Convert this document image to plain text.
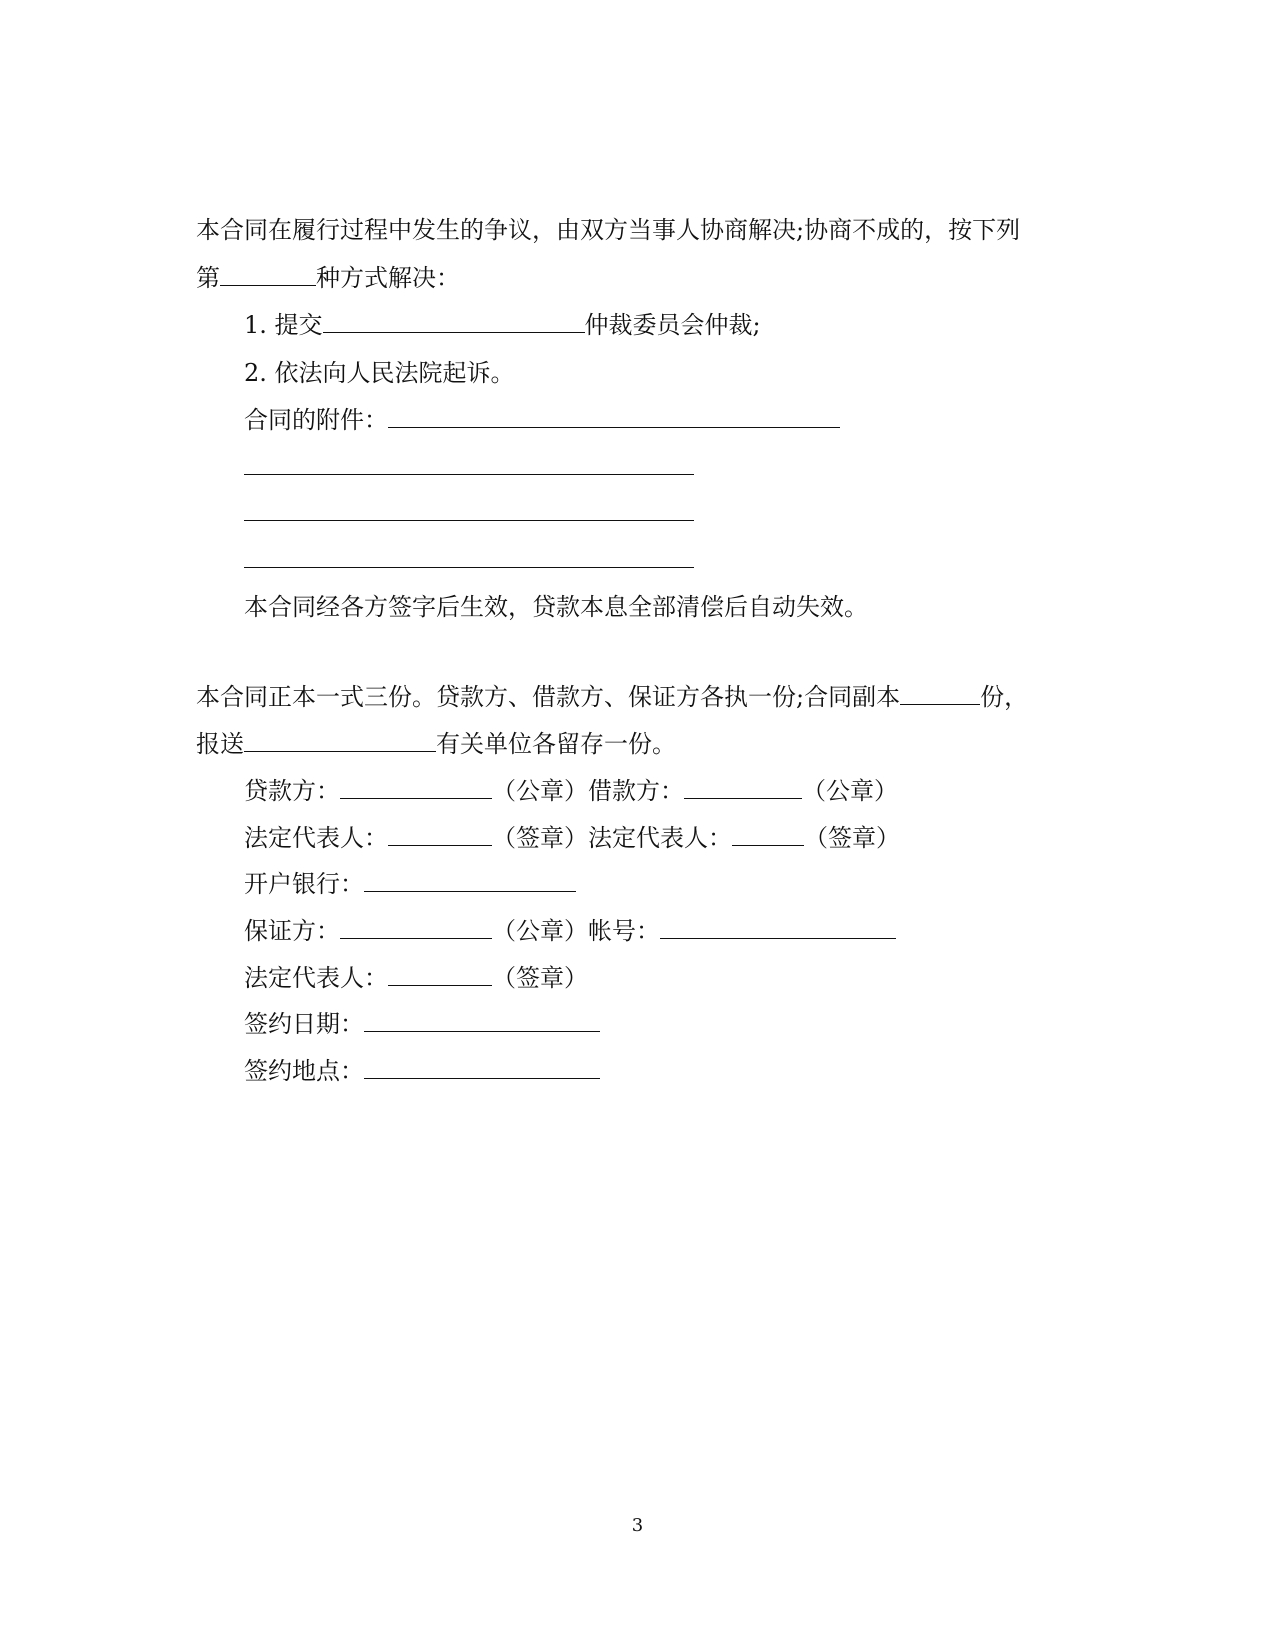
本合同在履行过程中发生的争议，由双方当事人协商解决;协商不成的，按下列
第	种方式解决：
1. 提交	仲裁委员会仲裁;
2. 依法向人民法院起诉。
合同的附件：
本合同经各方签字后生效，贷款本息全部清偿后自动失效。
本合同正本一式三份。贷款方、借款方、保证方各执一份;合同副本	份，
报送	有关单位各留存一份。
贷款方：	（公章）借款方：	（公章）
法定代表人：	（签章）法定代表人：	（签章）
开户银行：
保证方：	（公章）帐号：
法定代表人：	（签章）
签约日期：
签约地点：
3
